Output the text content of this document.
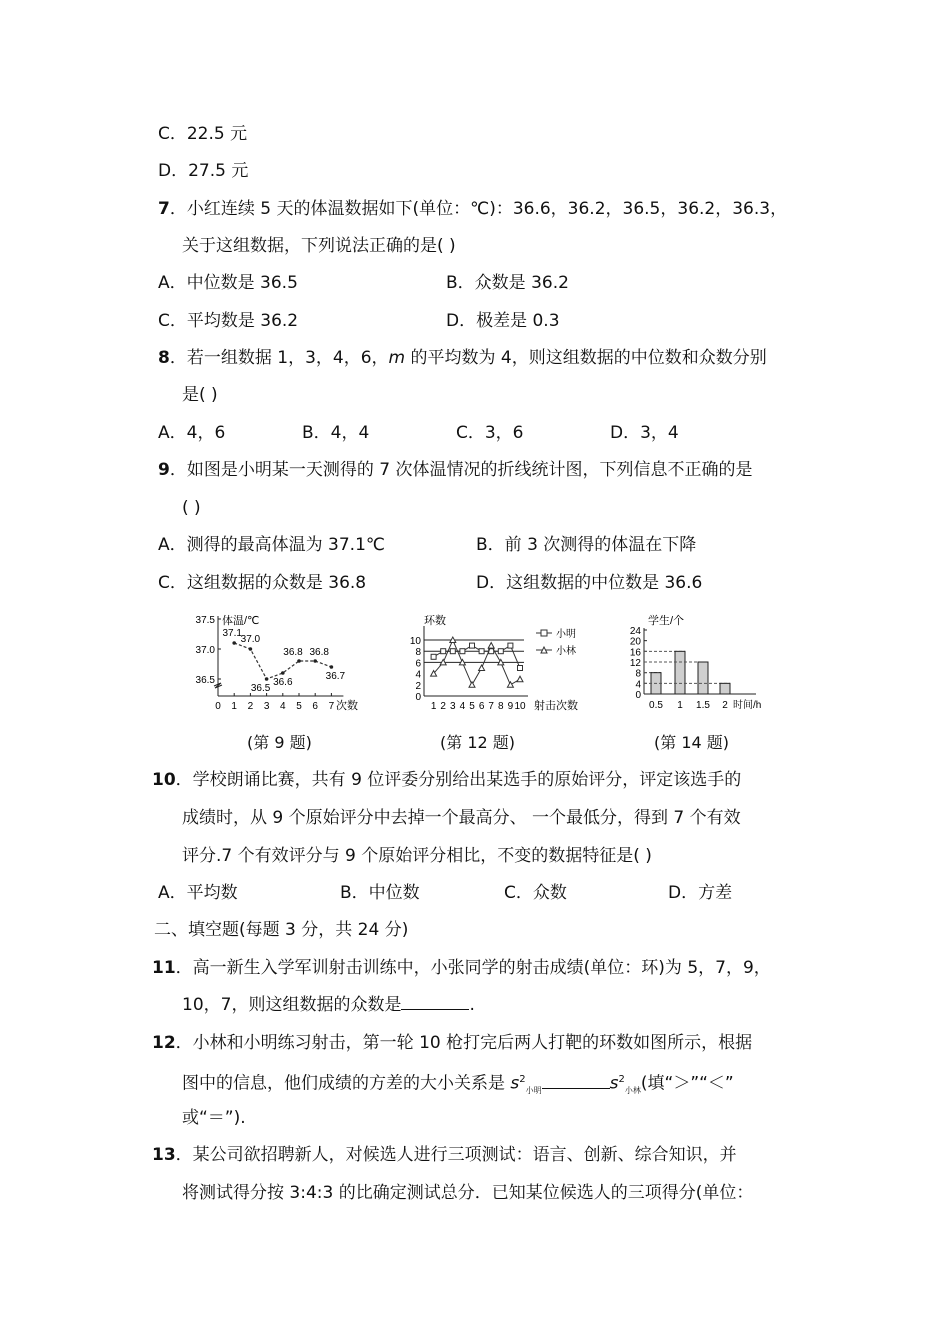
C．22.5 元
D．27.5 元
7．小红连续 5 天的体温数据如下(单位：℃)：36.6，36.2，36.5，36.2，36.3，
关于这组数据，下列说法正确的是( )
A．中位数是 36.5	B．众数是 36.2
C．平均数是 36.2	D．极差是 0.3
8．若一组数据 1，3，4，6，m 的平均数为 4，则这组数据的中位数和众数分别
是( )
A．4，6	B．4，4	C．3，6	D．3，4
9．如图是小明某一天测得的 7 次体温情况的折线统计图，下列信息不正确的是
( )
A．测得的最高体温为 37.1℃	B．前 3 次测得的体温在下降
C．这组数据的众数是 36.8	D．这组数据的中位数是 36.6
体温/℃
次数
37.5
37.0
36.5
0 1 2 3 4 5 6 7
37.1
37.0
36.5
36.6
36.8 36.8
36.7
环数
射击次数
小明
小林
10
8
6
4
2
0
1 2 3 4 5 6 7 8 9 10
学生/个
时间/h
24
20
16
12
8
4
0
0.5 1 1.5 2
(第 9 题)	(第 12 题)	(第 14 题)
10．学校朗诵比赛，共有 9 位评委分别给出某选手的原始评分，评定该选手的
成绩时，从 9 个原始评分中去掉一个最高分、 一个最低分，得到 7 个有效
评分.7 个有效评分与 9 个原始评分相比，不变的数据特征是( )
A．平均数	B．中位数	C．众数	D．方差
二、填空题(每题 3 分，共 24 分)
11．高一新生入学军训射击训练中，小张同学的射击成绩(单位：环)为 5，7，9，
10，7，则这组数据的众数是	.
12．小林和小明练习射击，第一轮 10 枪打完后两人打靶的环数如图所示，根据
图中的信息，他们成绩的方差的大小关系是 $s^2_{小明}$	$s^2_{小林}$(填“＞”“＜”
或“＝”).
13．某公司欲招聘新人，对候选人进行三项测试：语言、创新、综合知识，并
将测试得分按 3:4:3 的比确定测试总分．已知某位候选人的三项得分(单位：
